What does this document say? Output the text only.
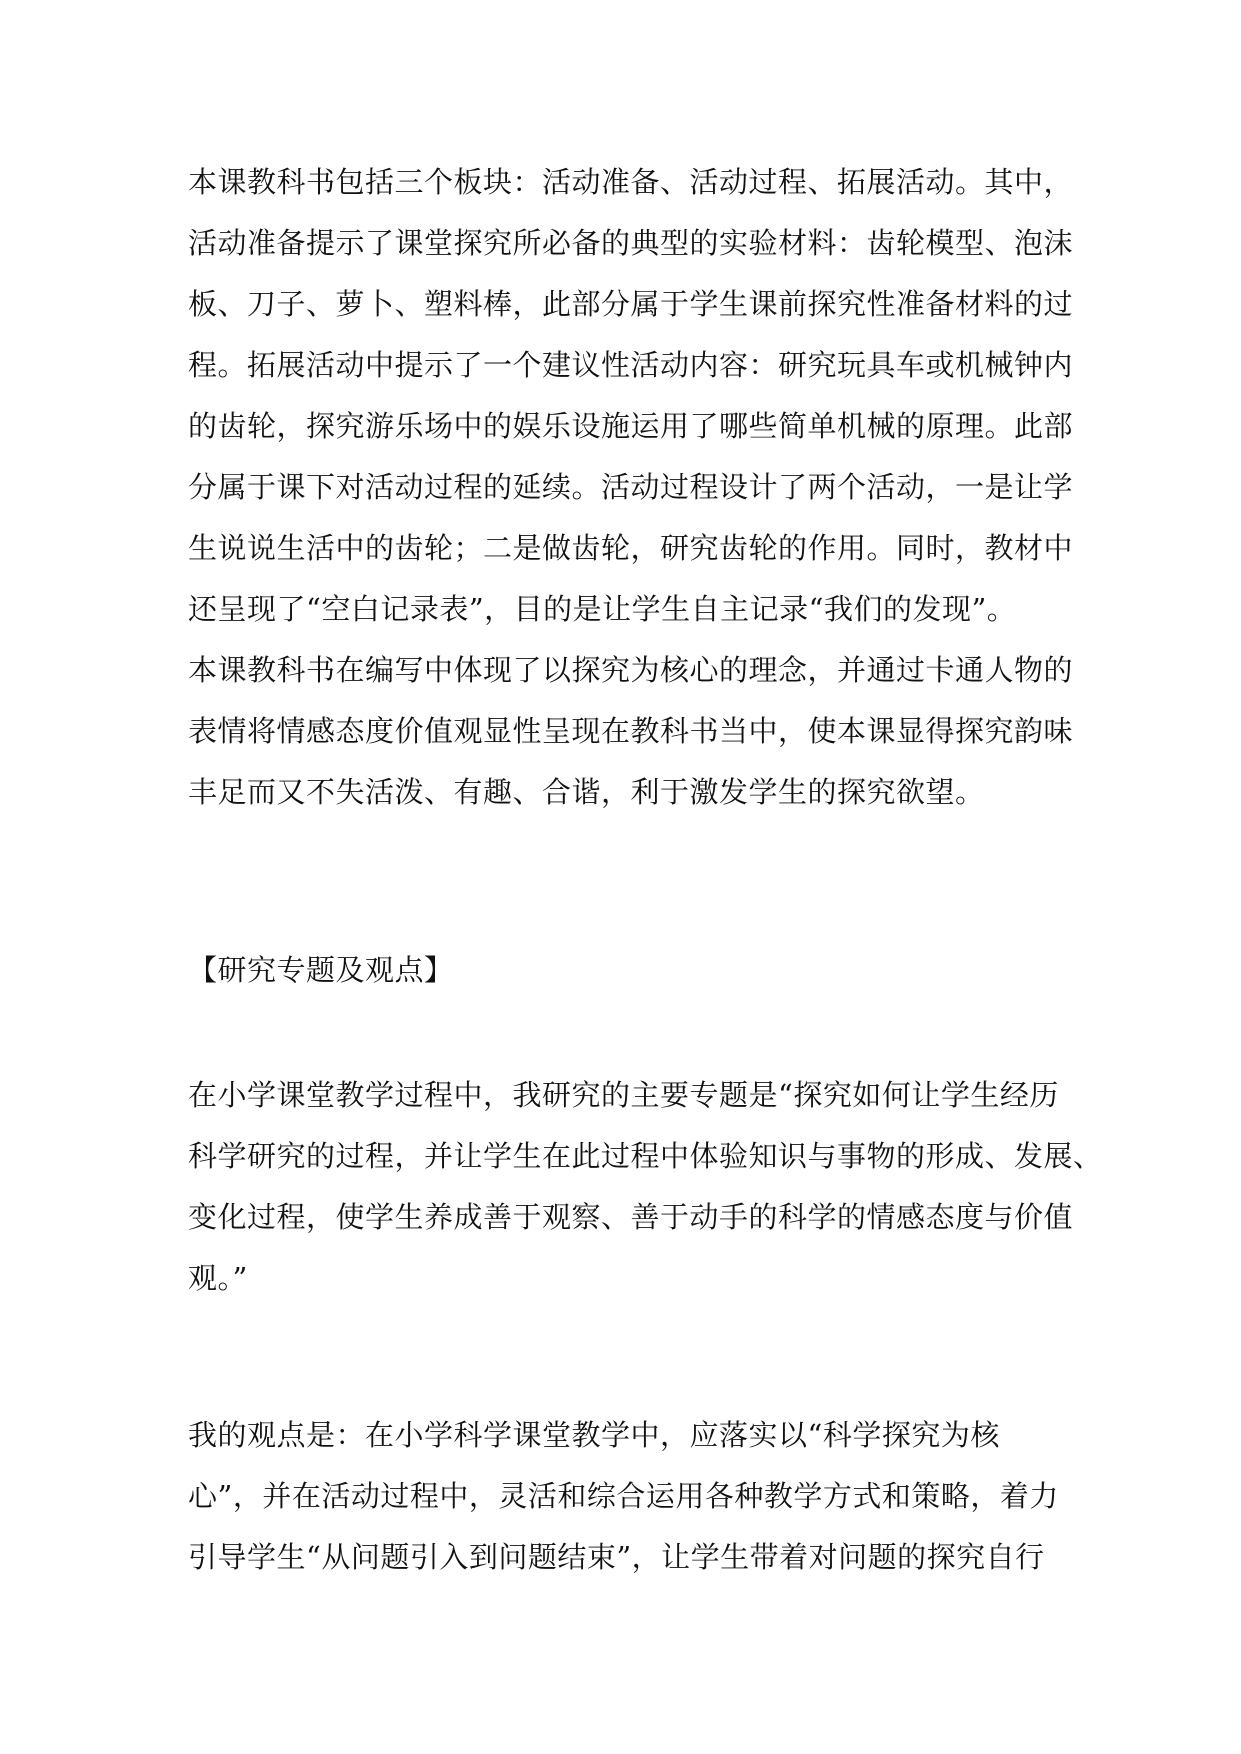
本课教科书包括三个板块：活动准备、活动过程、拓展活动。其中，
活动准备提示了课堂探究所必备的典型的实验材料：齿轮模型、泡沫
板、刀子、萝卜、塑料棒，此部分属于学生课前探究性准备材料的过
程。拓展活动中提示了一个建议性活动内容：研究玩具车或机械钟内
的齿轮，探究游乐场中的娱乐设施运用了哪些简单机械的原理。此部
分属于课下对活动过程的延续。活动过程设计了两个活动，一是让学
生说说生活中的齿轮；二是做齿轮，研究齿轮的作用。同时，教材中
还呈现了“空白记录表”，目的是让学生自主记录“我们的发现”。
本课教科书在编写中体现了以探究为核心的理念，并通过卡通人物的
表情将情感态度价值观显性呈现在教科书当中，使本课显得探究韵味
丰足而又不失活泼、有趣、合谐，利于激发学生的探究欲望。
【研究专题及观点】
在小学课堂教学过程中，我研究的主要专题是“探究如何让学生经历
科学研究的过程，并让学生在此过程中体验知识与事物的形成、发展、
变化过程，使学生养成善于观察、善于动手的科学的情感态度与价值
观。”
我的观点是：在小学科学课堂教学中，应落实以“科学探究为核
心”，并在活动过程中，灵活和综合运用各种教学方式和策略，着力
引导学生“从问题引入到问题结束”，让学生带着对问题的探究自行
